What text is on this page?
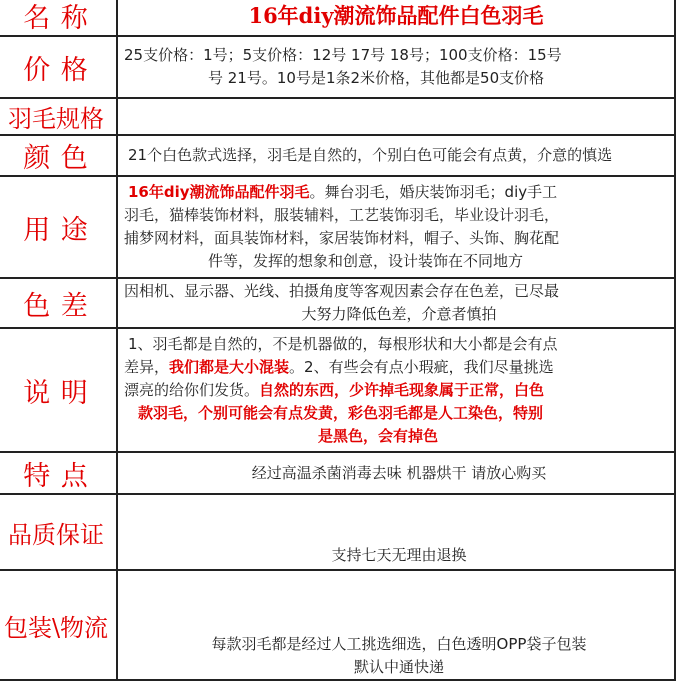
名 称	16年diy潮流饰品配件白色羽毛

价 格	25支价格：1号；5支价格：12号 17号 18号；100支价格：15号
号 21号。10号是1条2米价格，其他都是50支价格

羽毛规格	
颜 色	21个白色款式选择，羽毛是自然的，个别白色可能会有点黄，介意的慎选

用 途	16年diy潮流饰品配件羽毛。舞台羽毛，婚庆装饰羽毛；diy手工
羽毛，猫棒装饰材料，服装辅料，工艺装饰羽毛，毕业设计羽毛，
捕梦网材料，面具装饰材料，家居装饰材料，帽子、头饰、胸花配
件等，发挥的想象和创意，设计装饰在不同地方

色 差	因相机、显示器、光线、拍摄角度等客观因素会存在色差，已尽最
大努力降低色差，介意者慎拍

说 明	1、羽毛都是自然的，不是机器做的，每根形状和大小都是会有点
差异，我们都是大小混装。2、有些会有点小瑕疵，我们尽量挑选
漂亮的给你们发货。自然的东西，少许掉毛现象属于正常，白色
款羽毛，个别可能会有点发黄，彩色羽毛都是人工染色，特别
是黑色，会有掉色

特 点	经过高温杀菌消毒去味 机器烘干 请放心购买

品质保证	支持七天无理由退换

包装\物流	每款羽毛都是经过人工挑选细选，白色透明OPP袋子包装
默认中通快递
